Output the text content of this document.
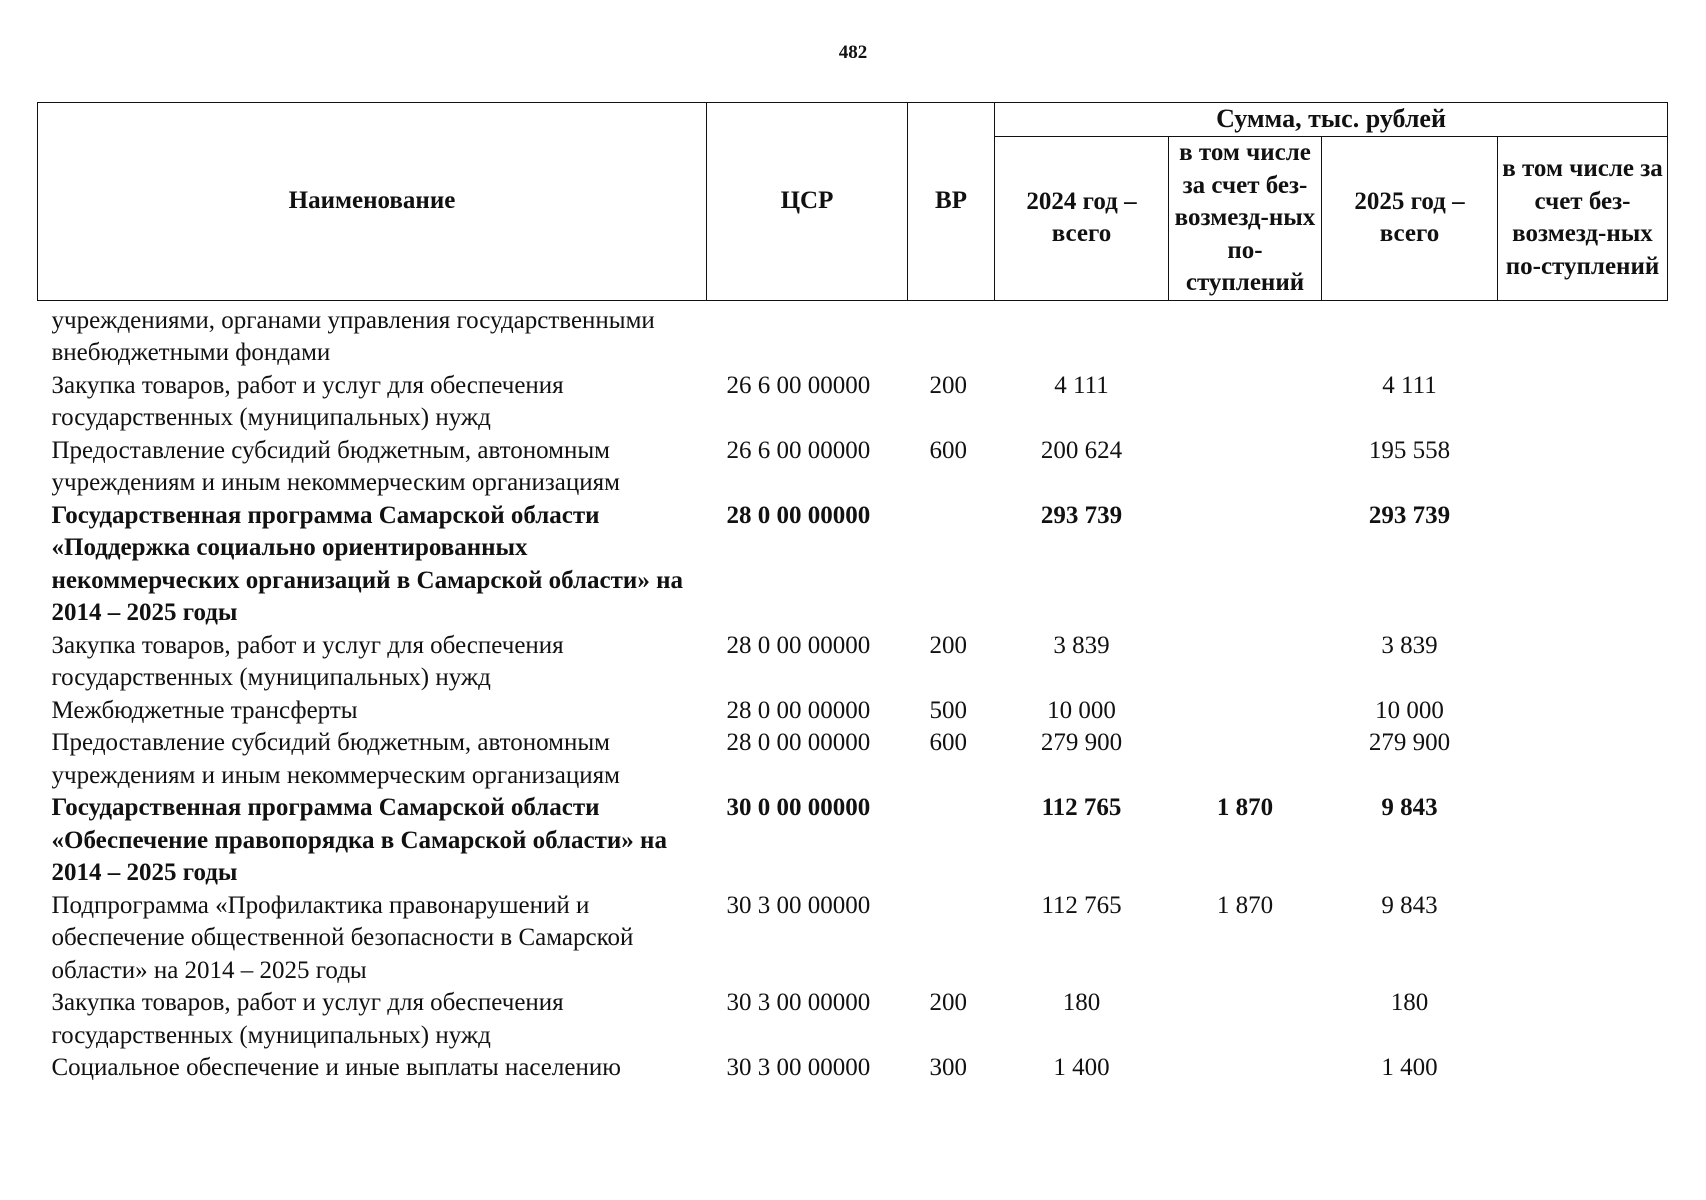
482
Наименование	ЦСР	ВР	Сумма, тыс. рублей			
			2024 год – всего	в том числе за счет без-возмезд-ных по-ступлений	2025 год – всего	в том числе за счет без-возмезд-ных по-ступлений
учреждениями, органами управления государственными внебюджетными фондами						
Закупка товаров, работ и услуг для обеспечения государственных (муниципальных) нужд	26 6 00 00000	200	4 111		4 111	
Предоставление субсидий бюджетным, автономным учреждениям и иным некоммерческим организациям	26 6 00 00000	600	200 624		195 558	
Государственная программа Самарской области «Поддержка социально ориентированных некоммерческих организаций в Самарской области» на 2014 – 2025 годы	28 0 00 00000		293 739		293 739	
Закупка товаров, работ и услуг для обеспечения государственных (муниципальных) нужд	28 0 00 00000	200	3 839		3 839	
Межбюджетные трансферты	28 0 00 00000	500	10 000		10 000	
Предоставление субсидий бюджетным, автономным учреждениям и иным некоммерческим организациям	28 0 00 00000	600	279 900		279 900	
Государственная программа Самарской области «Обеспечение правопорядка в Самарской области» на 2014 – 2025 годы	30 0 00 00000		112 765	1 870	9 843	
Подпрограмма «Профилактика правонарушений и обеспечение общественной безопасности в Самарской области» на 2014 – 2025 годы	30 3 00 00000		112 765	1 870	9 843	
Закупка товаров, работ и услуг для обеспечения государственных (муниципальных) нужд	30 3 00 00000	200	180		180	
Социальное обеспечение и иные выплаты населению	30 3 00 00000	300	1 400		1 400	
